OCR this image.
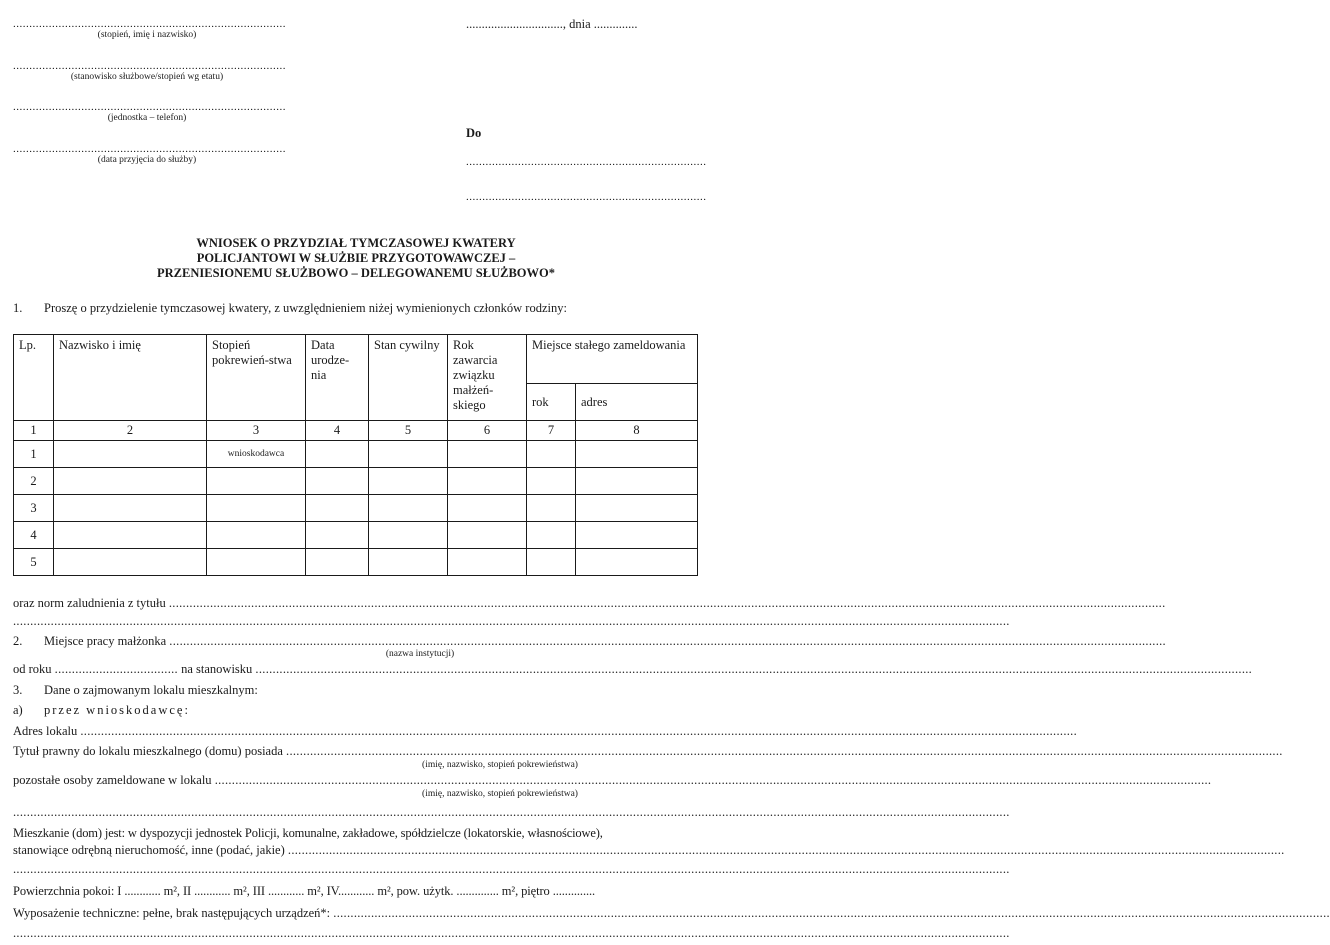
....................................................................................
(stopień, imię i nazwisko)
....................................................................................
(stanowisko służbowe/stopień wg etatu)
....................................................................................
(jednostka – telefon)
....................................................................................
(data przyjęcia do służby)
..............................., dnia ..............
Do
..........................................................................
..........................................................................
WNIOSEK O PRZYDZIAŁ TYMCZASOWEJ KWATERY
POLICJANTOWI W SŁUŻBIE PRZYGOTOWAWCZEJ –
PRZENIESIONEMU SŁUŻBOWO – DELEGOWANEMU SŁUŻBOWO*
1. Proszę o przydzielenie tymczasowej kwatery, z uwzględnieniem niżej wymienionych członków rodziny:
Lp.	Nazwisko i imię	Stopień pokrewień-stwa	Data urodze-nia	Stan cywilny	Rok zawarcia związku małżeń-skiego	Miejsce stałego zameldowania	
						rok	adres
1	2	3	4	5	6	7	8
1		wnioskodawca					
2							
3							
4							
5							
oraz norm zaludnienia z tytułu ...................................................................................................................................................................................................................................................................................................
...................................................................................................................................................................................................................................................................................................
2. Miejsce pracy małżonka ...................................................................................................................................................................................................................................................................................................
(nazwa instytucji)
od roku .................................... na stanowisku ...................................................................................................................................................................................................................................................................................................
3. Dane o zajmowanym lokalu mieszkalnym:
a) przez wnioskodawcę:
Adres lokalu ...................................................................................................................................................................................................................................................................................................
Tytuł prawny do lokalu mieszkalnego (domu) posiada ...................................................................................................................................................................................................................................................................................................
(imię, nazwisko, stopień pokrewieństwa)
pozostałe osoby zameldowane w lokalu ...................................................................................................................................................................................................................................................................................................
(imię, nazwisko, stopień pokrewieństwa)
...................................................................................................................................................................................................................................................................................................
Mieszkanie (dom) jest: w dyspozycji jednostek Policji, komunalne, zakładowe, spółdzielcze (lokatorskie, własnościowe),
stanowiące odrębną nieruchomość, inne (podać, jakie) ...................................................................................................................................................................................................................................................................................................
...................................................................................................................................................................................................................................................................................................
Powierzchnia pokoi: I ............ m², II ............ m², III ............ m², IV............ m², pow. użytk. .............. m², piętro ..............
Wyposażenie techniczne: pełne, brak następujących urządzeń*: ...................................................................................................................................................................................................................................................................................................
...................................................................................................................................................................................................................................................................................................
